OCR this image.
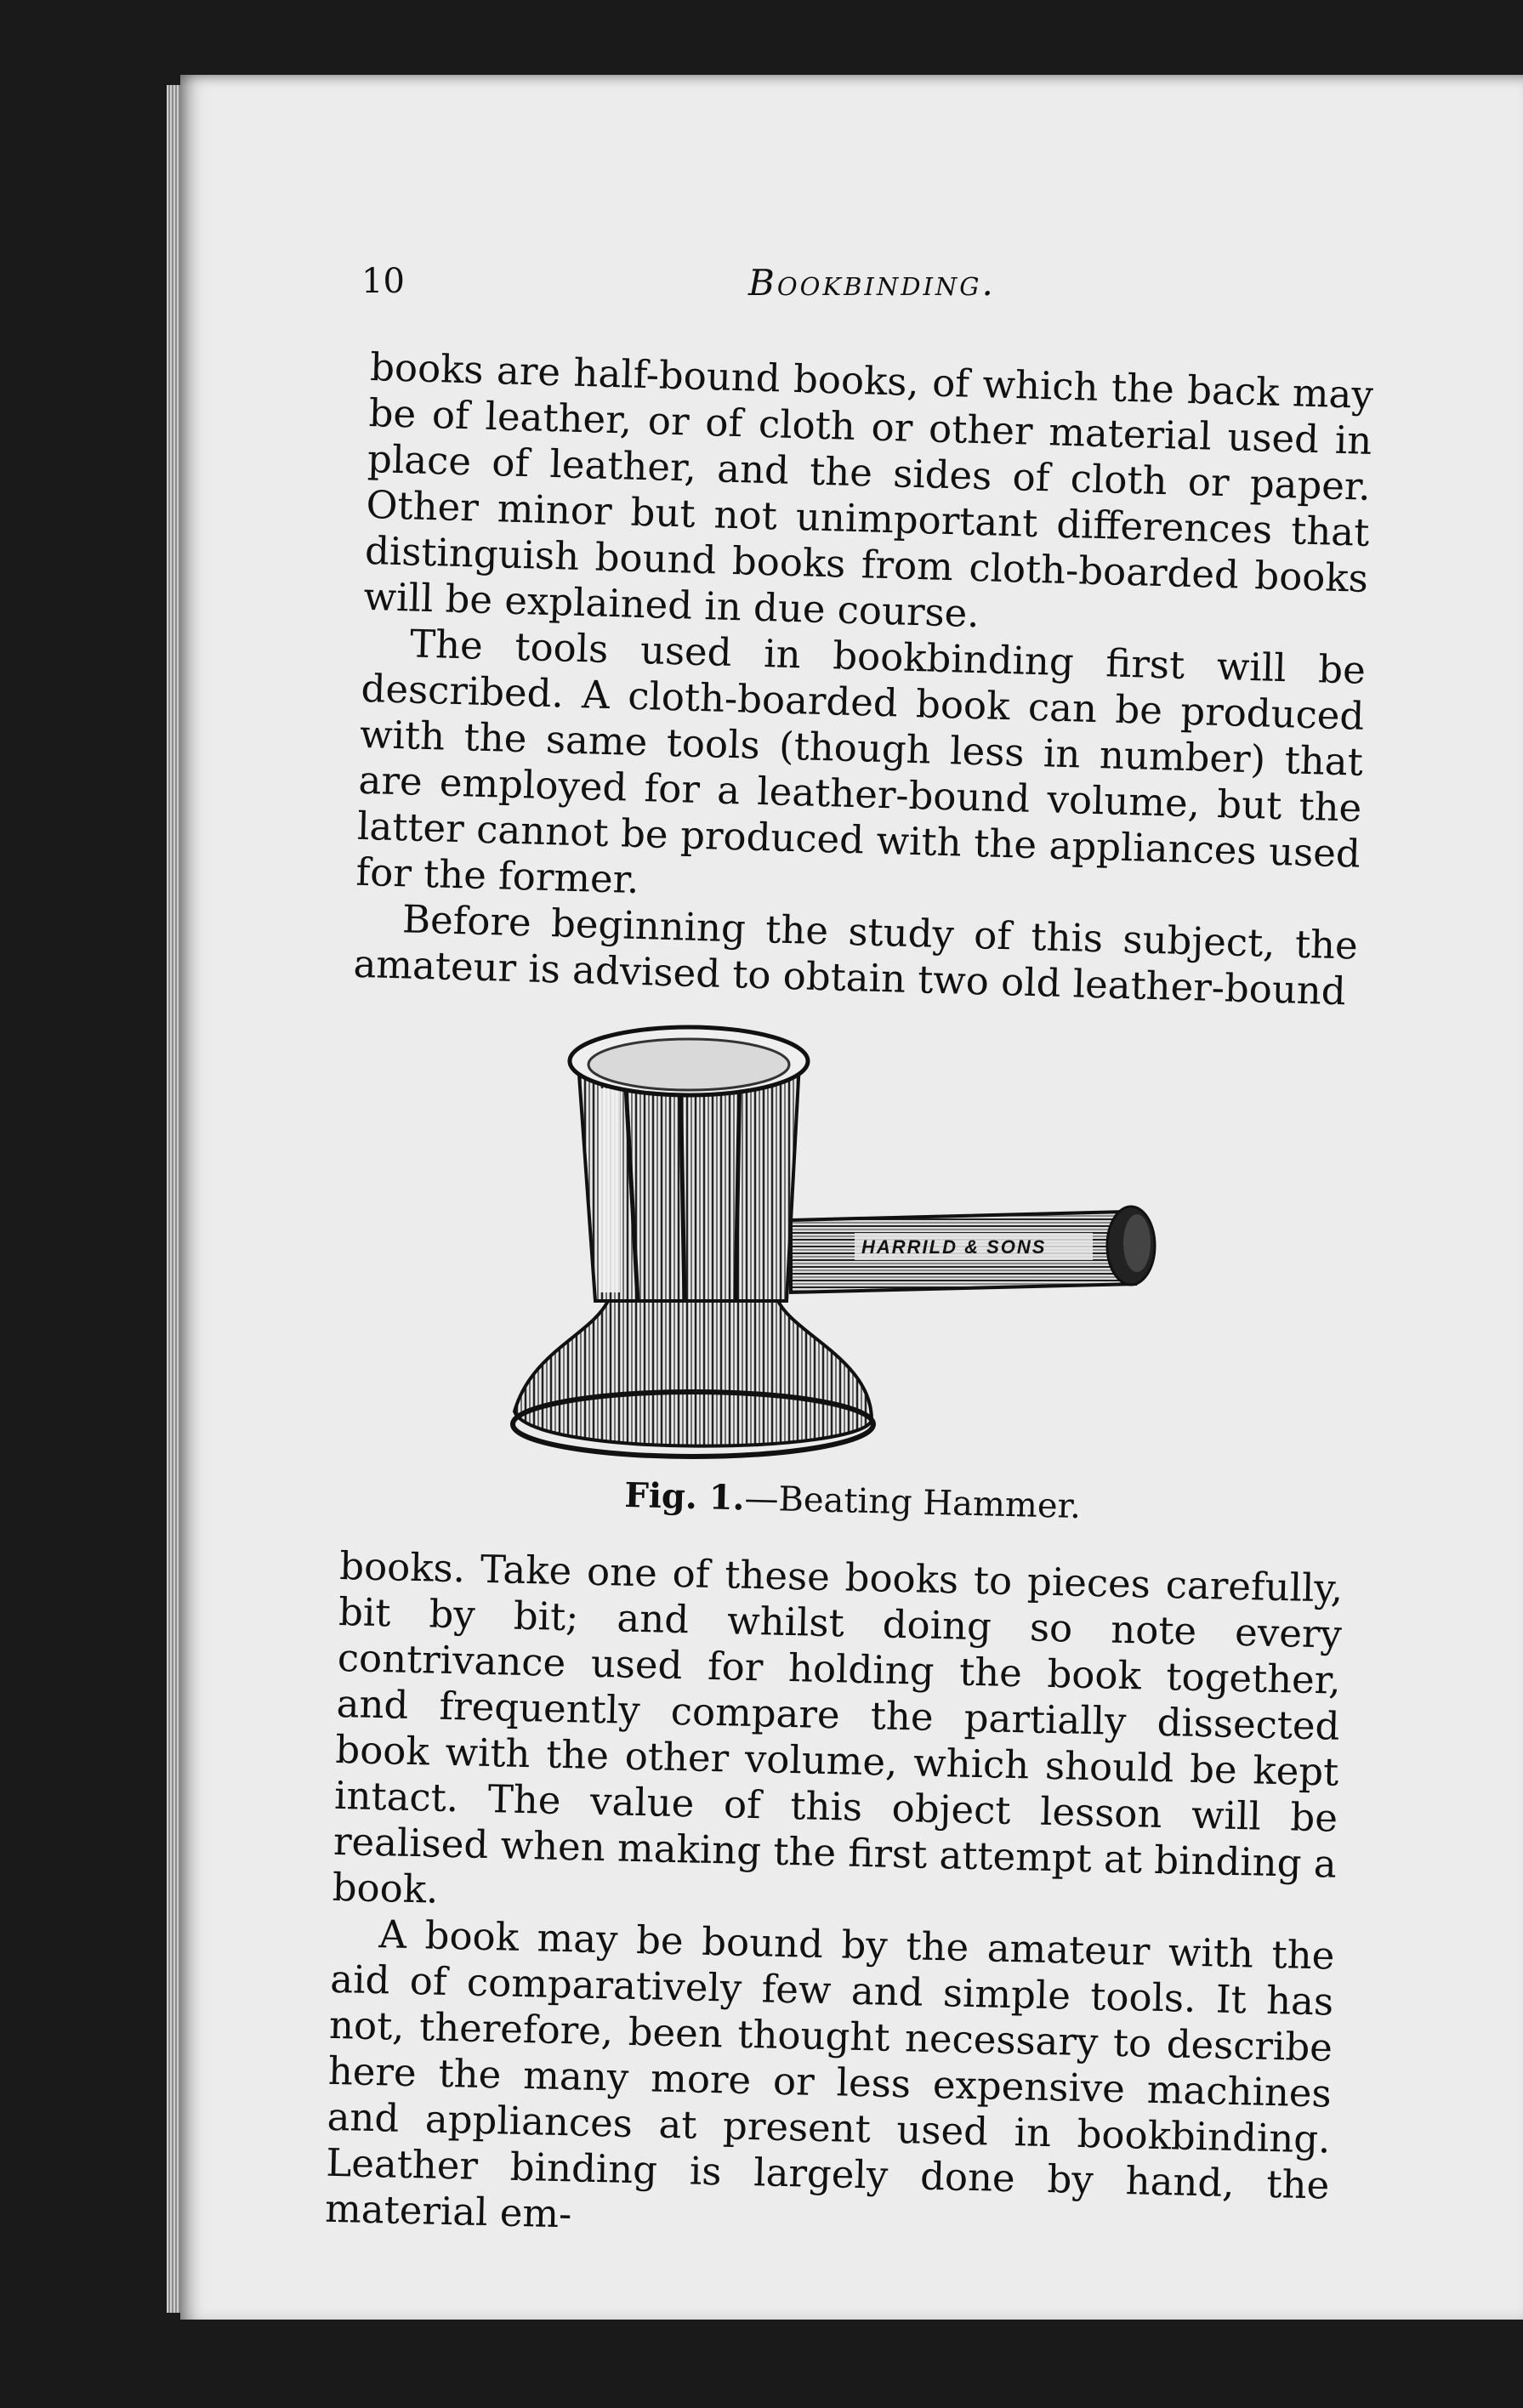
10	Bookbinding.

books are half-bound books, of which the back may be of leather, or of cloth or other material used in place of leather, and the sides of cloth or paper. Other minor but not unimportant differences that distinguish bound books from cloth-boarded books will be explained in due course.

The tools used in bookbinding first will be described. A cloth-boarded book can be produced with the same tools (though less in number) that are employed for a leather-bound volume, but the latter cannot be produced with the appliances used for the former.

Before beginning the study of this subject, the amateur is advised to obtain two old leather-bound

HARRILD & SONS
Fig. 1.—Beating Hammer.

books. Take one of these books to pieces carefully, bit by bit; and whilst doing so note every contrivance used for holding the book together, and frequently compare the partially dissected book with the other volume, which should be kept intact. The value of this object lesson will be realised when making the first attempt at binding a book.

A book may be bound by the amateur with the aid of comparatively few and simple tools. It has not, therefore, been thought necessary to describe here the many more or less expensive machines and appliances at present used in bookbinding. Leather binding is largely done by hand, the material em-
